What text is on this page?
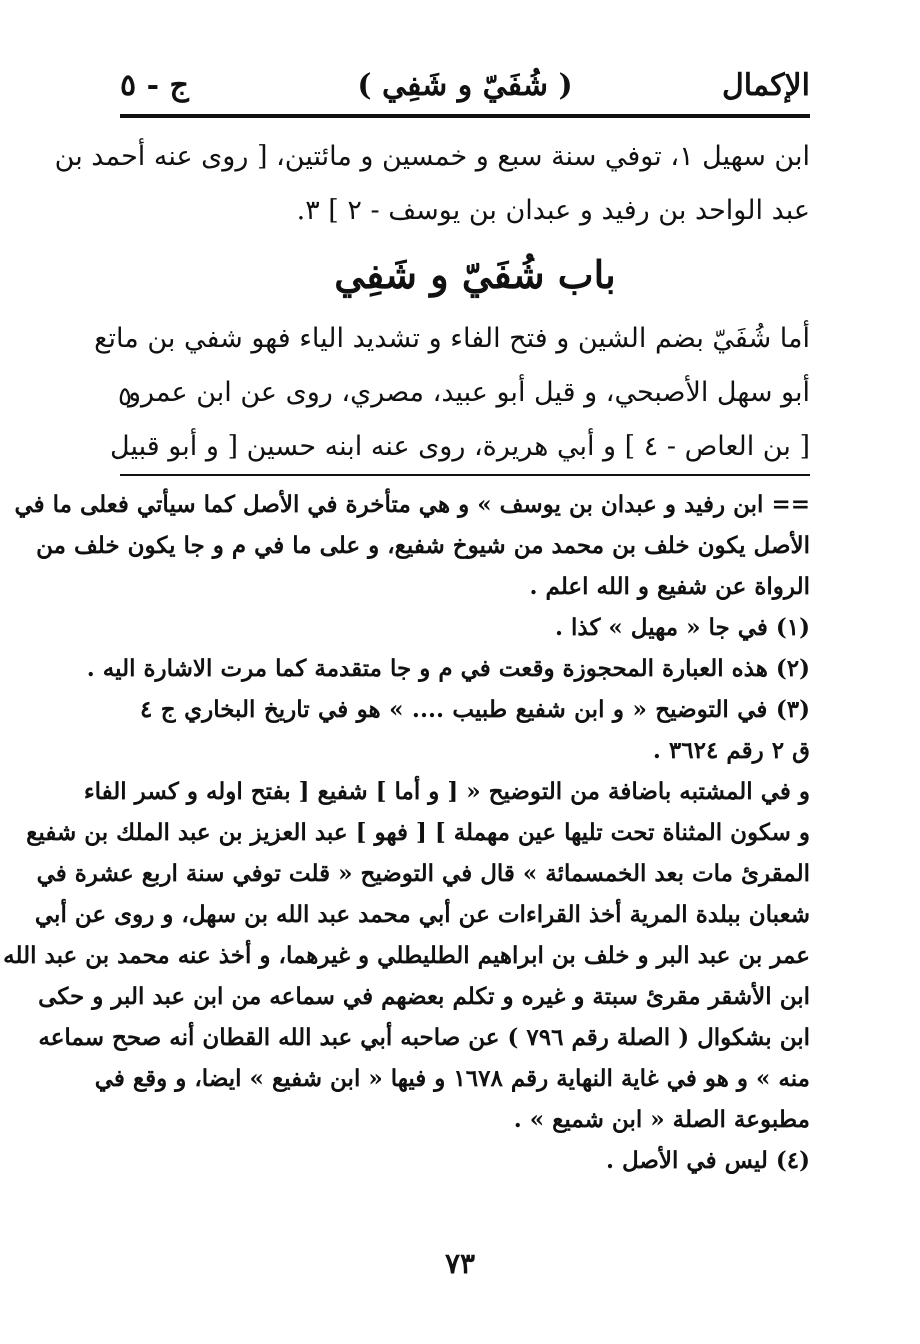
الإكمال
( شُفَيّ و شَفِي )
ج - ٥

ابن سهيل ١، توفي سنة سبع و خمسين و مائتين، [ روى عنه أحمد بن

عبد الواحد بن رفيد و عبدان بن يوسف - ٢ ] ٣.

باب شُفَيّ و شَفِي

أما شُفَيّ بضم الشين و فتح الفاء و تشديد الياء فهو شفي بن ماتع

أبو سهل الأصبحي، و قيل أبو عبيد، مصري، روى عن ابن عمرو

[ بن العاص - ٤ ] و أبي هريرة، روى عنه ابنه حسين [ و أبو قبيل

٥

== ابن رفيد و عبدان بن يوسف » و هي متأخرة في الأصل كما سيأتي فعلى ما في

الأصل يكون خلف بن محمد من شيوخ شفيع، و على ما في م و جا يكون خلف من

الرواة عن شفيع و الله اعلم .

(١) في جا « مهيل » كذا .

(٢) هذه العبارة المحجوزة وقعت في م و جا متقدمة كما مرت الاشارة اليه .

(٣) في التوضيح « و ابن شفيع طبيب .... » هو في تاريخ البخاري ج ٤

ق ٢ رقم ٣٦٢٤ .

و في المشتبه باضافة من التوضيح « [ و أما ] شفيع [ بفتح اوله و كسر الفاء

و سكون المثناة تحت تليها عين مهملة ] [ فهو ] عبد العزيز بن عبد الملك بن شفيع

المقرئ مات بعد الخمسمائة » قال في التوضيح « قلت توفي سنة اربع عشرة في

شعبان ببلدة المرية أخذ القراءات عن أبي محمد عبد الله بن سهل، و روى عن أبي

عمر بن عبد البر و خلف بن ابراهيم الطليطلي و غيرهما، و أخذ عنه محمد بن عبد الله

ابن الأشقر مقرئ سبتة و غيره و تكلم بعضهم في سماعه من ابن عبد البر و حكى

ابن بشكوال ( الصلة رقم ٧٩٦ ) عن صاحبه أبي عبد الله القطان أنه صحح سماعه

منه » و هو في غاية النهاية رقم ١٦٧٨ و فيها « ابن شفيع » ايضا، و وقع في

مطبوعة الصلة « ابن شميع » .

(٤) ليس في الأصل .

٧٣
